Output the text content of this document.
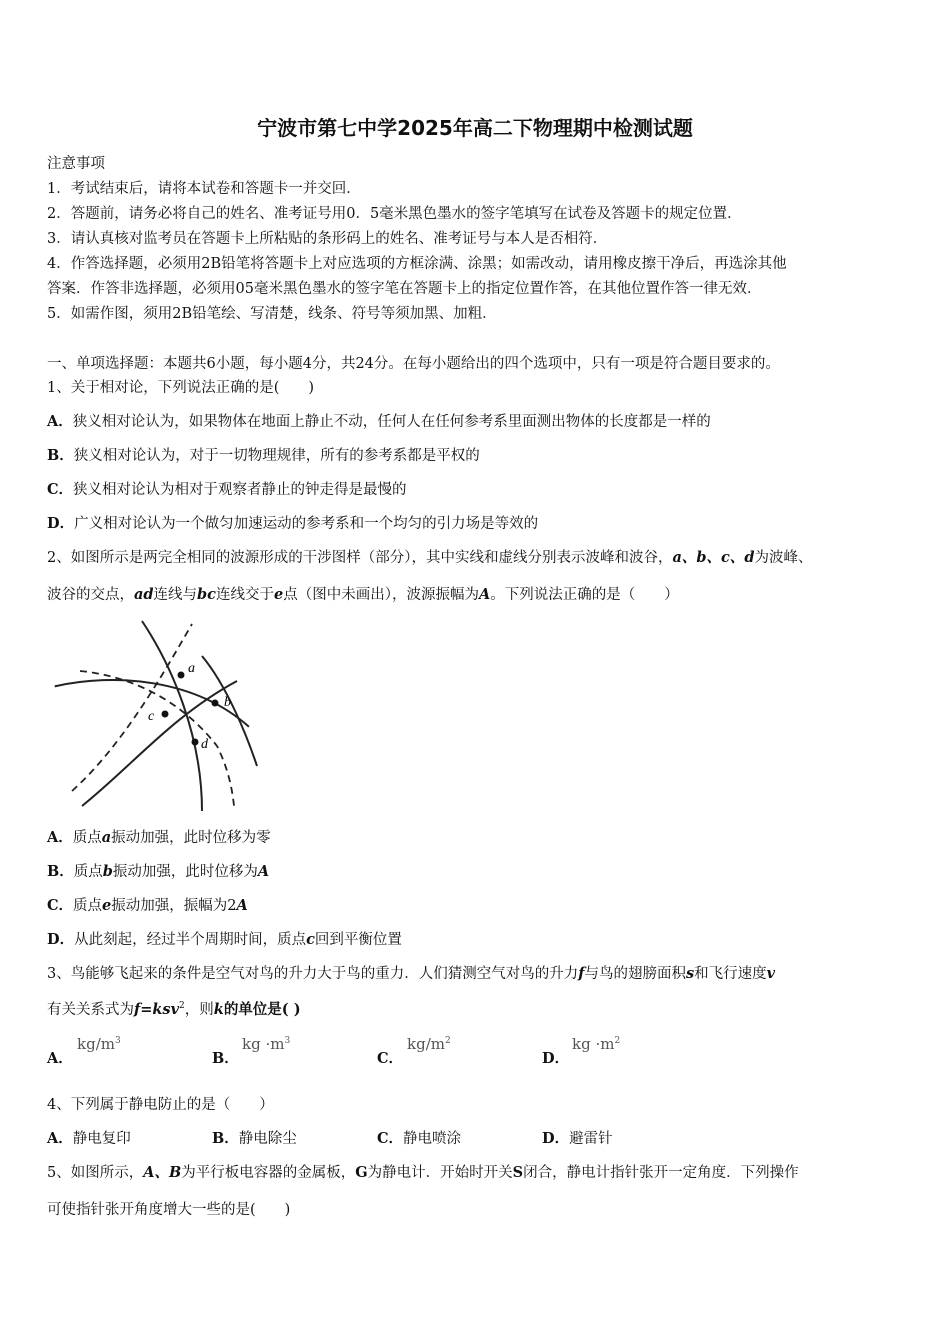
宁波市第七中学2025年高二下物理期中检测试题
注意事项
1．考试结束后，请将本试卷和答题卡一并交回．
2．答题前，请务必将自己的姓名、准考证号用0．5毫米黑色墨水的签字笔填写在试卷及答题卡的规定位置．
3．请认真核对监考员在答题卡上所粘贴的条形码上的姓名、准考证号与本人是否相符．
4．作答选择题，必须用2B铅笔将答题卡上对应选项的方框涂满、涂黑；如需改动，请用橡皮擦干净后，再选涂其他
答案．作答非选择题，必须用05毫米黑色墨水的签字笔在答题卡上的指定位置作答，在其他位置作答一律无效．
5．如需作图，须用2B铅笔绘、写清楚，线条、符号等须加黑、加粗．
一、单项选择题：本题共6小题，每小题4分，共24分。在每小题给出的四个选项中，只有一项是符合题目要求的。
1、关于相对论，下列说法正确的是(　　)
A．狭义相对论认为，如果物体在地面上静止不动，任何人在任何参考系里面测出物体的长度都是一样的
B．狭义相对论认为，对于一切物理规律，所有的参考系都是平权的
C．狭义相对论认为相对于观察者静止的钟走得是最慢的
D．广义相对论认为一个做匀加速运动的参考系和一个均匀的引力场是等效的
2、如图所示是两完全相同的波源形成的干涉图样（部分），其中实线和虚线分别表示波峰和波谷，a、b、c、d为波峰、
波谷的交点，ad连线与bc连线交于e点（图中未画出），波源振幅为A。下列说法正确的是（　　）
a
b
c
d
A．质点a振动加强，此时位移为零
B．质点b振动加强，此时位移为A
C．质点e振动加强，振幅为2A
D．从此刻起，经过半个周期时间，质点c回到平衡位置
3、鸟能够飞起来的条件是空气对鸟的升力大于鸟的重力．人们猜测空气对鸟的升力f与鸟的翅膀面积s和飞行速度v
有关关系式为f=ksv$^2$，则k的单位是( )
A．
$kg/m^3$
B．
kg $\cdot m^3$
C．
$kg/m^2$
D．
kg $\cdot m^2$
4、下列属于静电防止的是（　　）
A．静电复印	B．静电除尘	C．静电喷涂	D．避雷针
5、如图所示，A、B为平行板电容器的金属板，G为静电计．开始时开关S闭合，静电计指针张开一定角度．下列操作
可使指针张开角度增大一些的是(　　)
